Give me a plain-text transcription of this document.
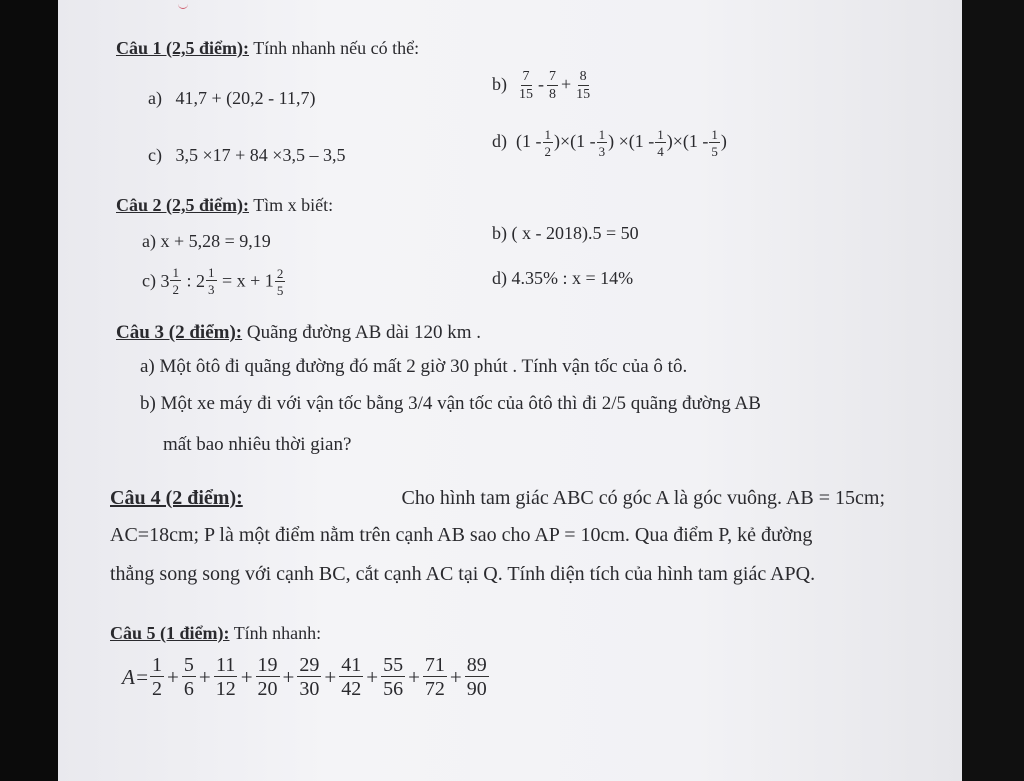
Câu 1 (2,5 điểm): Tính nhanh nếu có thể:
a) 41,7 + (20,2 - 11,7)
$b) \frac{7}{15} - \frac{7}{8} + \frac{8}{15}$
c) 3,5 ×17 + 84 ×3,5 – 3,5
d) $(1 - \frac{1}{2} )\times(1 - \frac{1}{3}$ ) $\times(1 - \frac{1}{4} )\times(1 - \frac{1}{5}$ )
Câu 2 (2,5 điểm): Tìm x biết:
a) x + 5,28 = 9,19	b) ( x - 2018).5 = 50
c) $3 \frac{1}{2}$ : $2 \frac{1}{3} = x + 1 \frac{2}{5}$	d) 4.35% : x = 14%
Câu 3 (2 điểm): Quãng đường AB dài 120 km .
a) Một ôtô đi quãng đường đó mất 2 giờ 30 phút . Tính vận tốc của ô tô.
b) Một xe máy đi với vận tốc bằng 3/4 vận tốc của ôtô thì đi 2/5 quãng đường AB
mất bao nhiêu thời gian?
Câu 4 (2 điểm):	Cho hình tam giác ABC có góc A là góc vuông. AB = 15cm;
AC=18cm; P là một điểm nằm trên cạnh AB sao cho AP = 10cm. Qua điểm P, kẻ đường
thẳng song song với cạnh BC, cắt cạnh AC tại Q. Tính diện tích của hình tam giác APQ.
Câu 5 (1 điểm): Tính nhanh:
$A= \frac{1}{2} + \frac{5}{6} + \frac{11}{12} + \frac{19}{20} + \frac{29}{30} + \frac{41}{42} + \frac{55}{56} + \frac{71}{72} + \frac{89}{90}$
